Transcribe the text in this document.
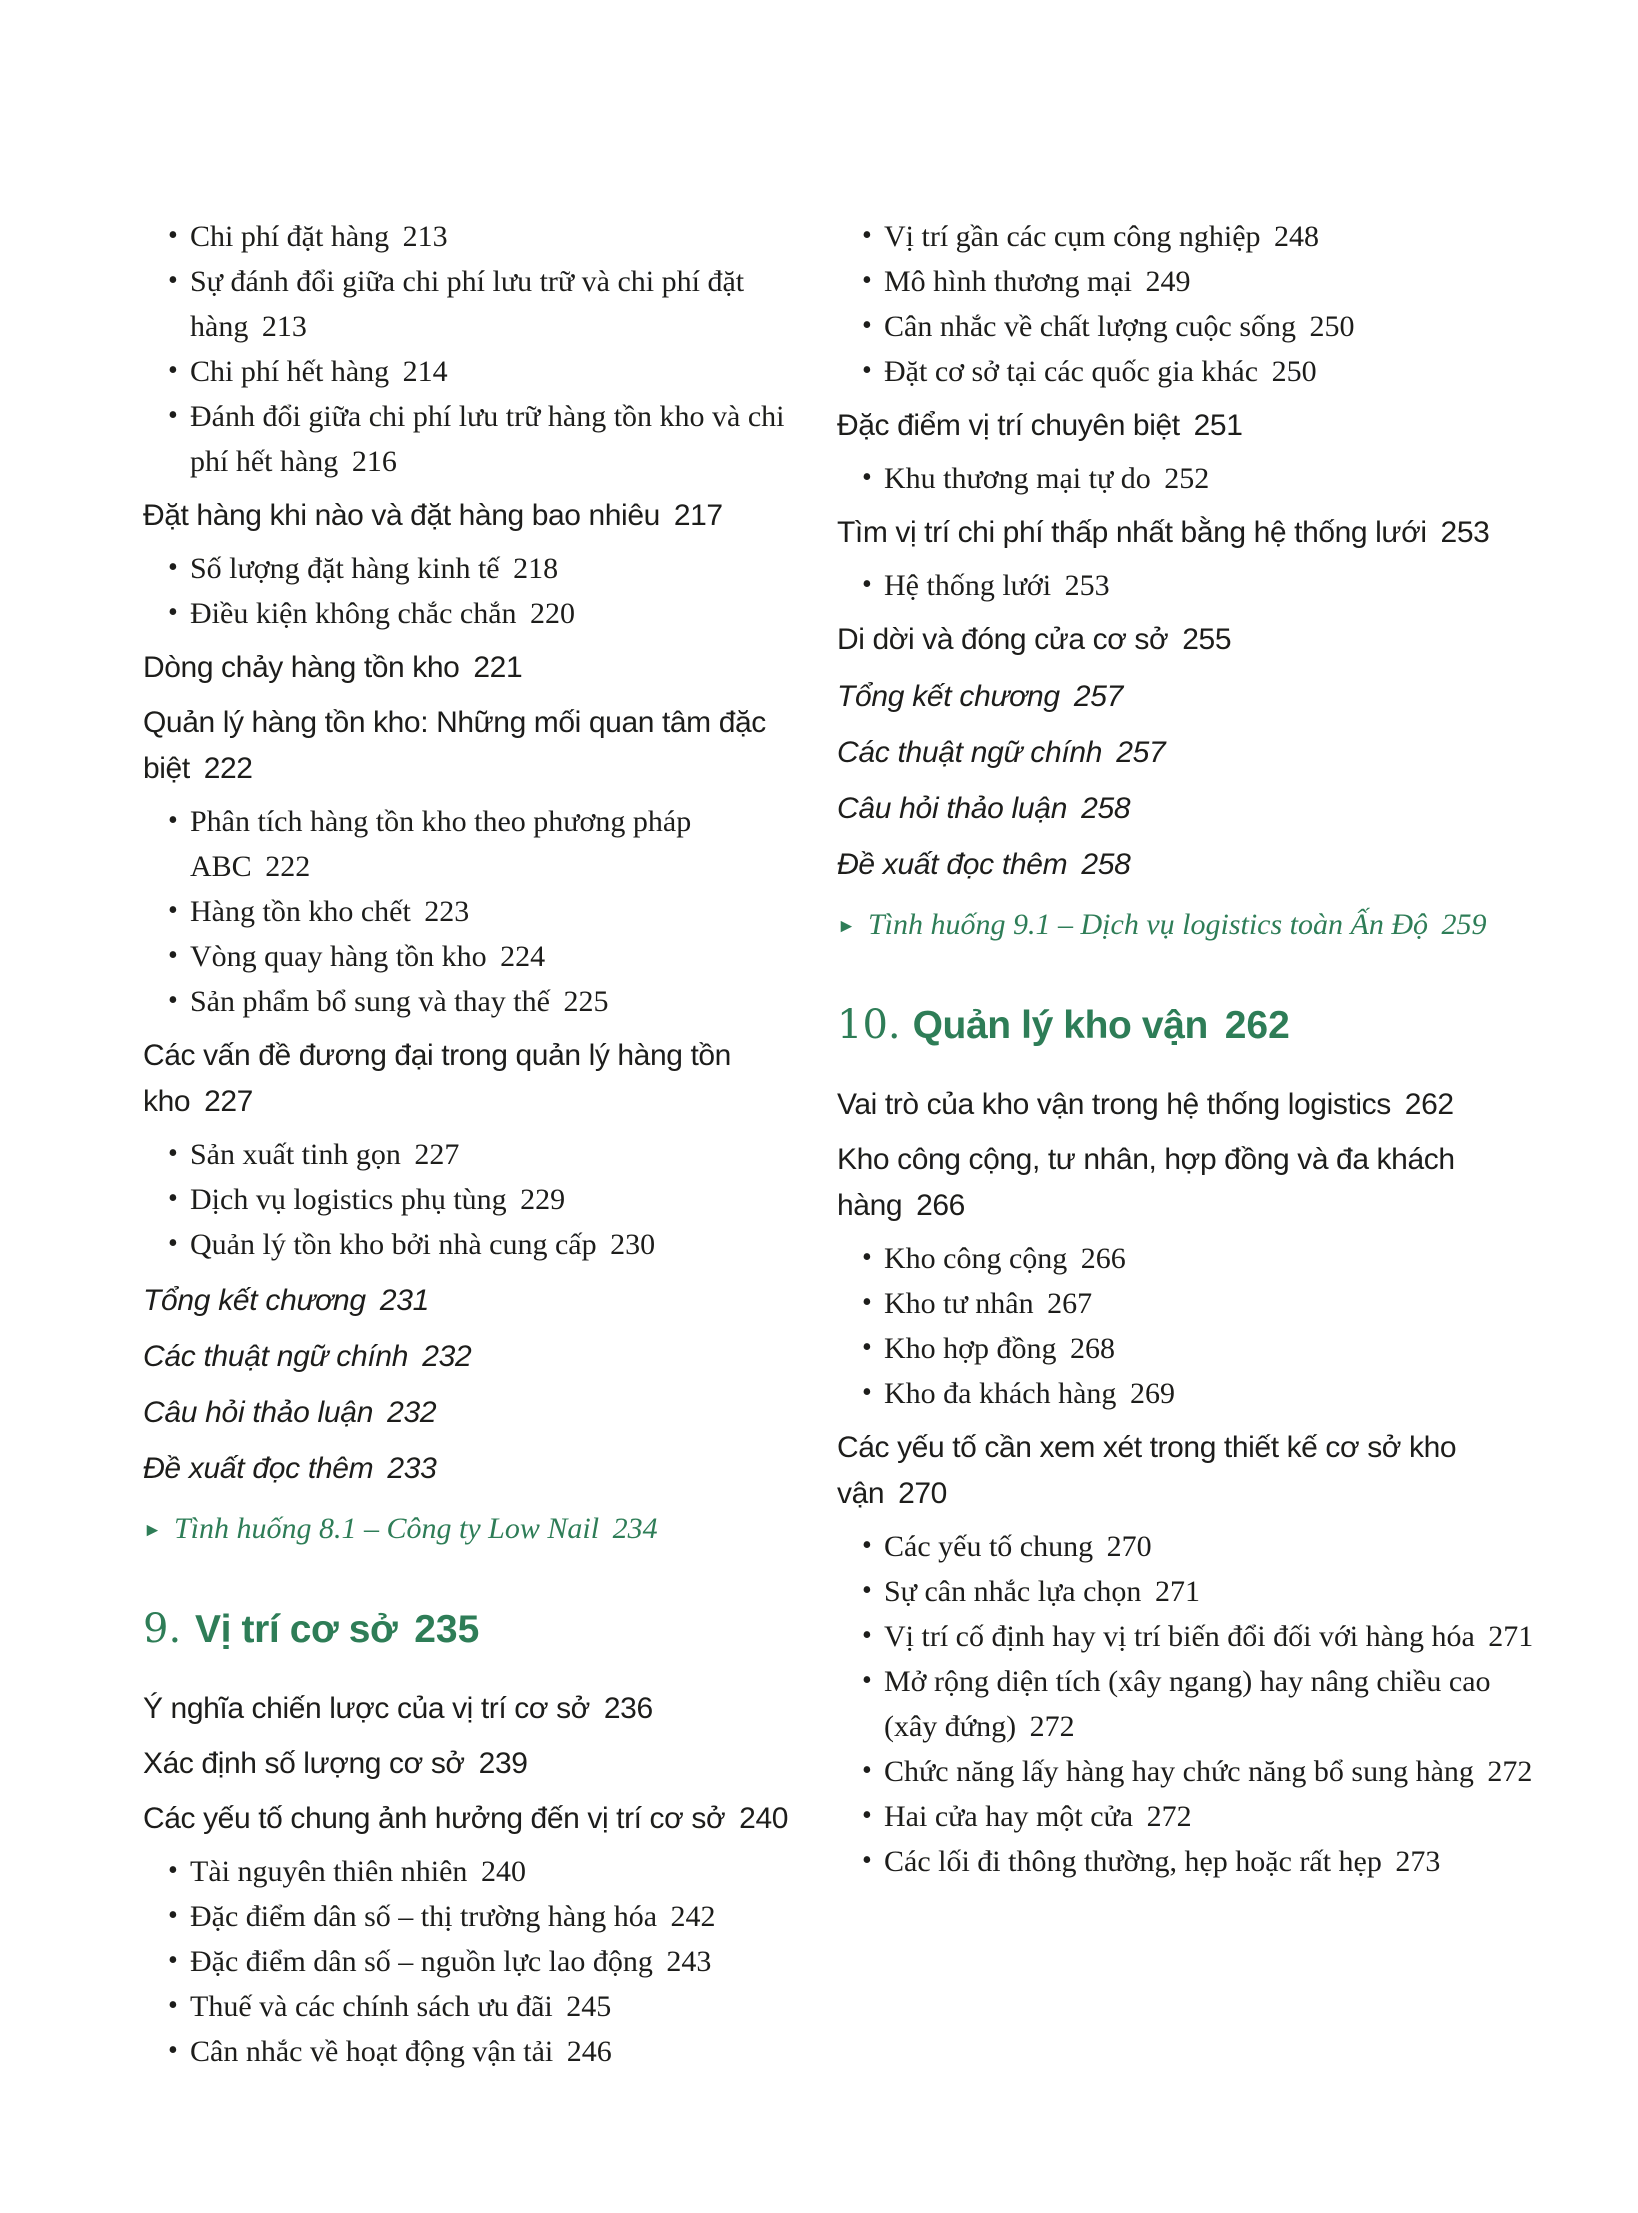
• Chi phí đặt hàng 213
• Sự đánh đổi giữa chi phí lưu trữ và chi phí đặt hàng 213
• Chi phí hết hàng 214
• Đánh đổi giữa chi phí lưu trữ hàng tồn kho và chi phí hết hàng 216
Đặt hàng khi nào và đặt hàng bao nhiêu 217
• Số lượng đặt hàng kinh tế 218
• Điều kiện không chắc chắn 220
Dòng chảy hàng tồn kho 221
Quản lý hàng tồn kho: Những mối quan tâm đặc biệt 222
• Phân tích hàng tồn kho theo phương pháp ABC 222
• Hàng tồn kho chết 223
• Vòng quay hàng tồn kho 224
• Sản phẩm bổ sung và thay thế 225
Các vấn đề đương đại trong quản lý hàng tồn kho 227
• Sản xuất tinh gọn 227
• Dịch vụ logistics phụ tùng 229
• Quản lý tồn kho bởi nhà cung cấp 230
Tổng kết chương 231
Các thuật ngữ chính 232
Câu hỏi thảo luận 232
Đề xuất đọc thêm 233
► Tình huống 8.1 – Công ty Low Nail 234
9. Vị trí cơ sở 235
Ý nghĩa chiến lược của vị trí cơ sở 236
Xác định số lượng cơ sở 239
Các yếu tố chung ảnh hưởng đến vị trí cơ sở 240
• Tài nguyên thiên nhiên 240
• Đặc điểm dân số – thị trường hàng hóa 242
• Đặc điểm dân số – nguồn lực lao động 243
• Thuế và các chính sách ưu đãi 245
• Cân nhắc về hoạt động vận tải 246
• Vị trí gần các cụm công nghiệp 248
• Mô hình thương mại 249
• Cân nhắc về chất lượng cuộc sống 250
• Đặt cơ sở tại các quốc gia khác 250
Đặc điểm vị trí chuyên biệt 251
• Khu thương mại tự do 252
Tìm vị trí chi phí thấp nhất bằng hệ thống lưới 253
• Hệ thống lưới 253
Di dời và đóng cửa cơ sở 255
Tổng kết chương 257
Các thuật ngữ chính 257
Câu hỏi thảo luận 258
Đề xuất đọc thêm 258
► Tình huống 9.1 – Dịch vụ logistics toàn Ấn Độ 259
10. Quản lý kho vận 262
Vai trò của kho vận trong hệ thống logistics 262
Kho công cộng, tư nhân, hợp đồng và đa khách hàng 266
• Kho công cộng 266
• Kho tư nhân 267
• Kho hợp đồng 268
• Kho đa khách hàng 269
Các yếu tố cần xem xét trong thiết kế cơ sở kho vận 270
• Các yếu tố chung 270
• Sự cân nhắc lựa chọn 271
• Vị trí cố định hay vị trí biến đổi đối với hàng hóa 271
• Mở rộng diện tích (xây ngang) hay nâng chiều cao (xây đứng) 272
• Chức năng lấy hàng hay chức năng bổ sung hàng 272
• Hai cửa hay một cửa 272
• Các lối đi thông thường, hẹp hoặc rất hẹp 273
